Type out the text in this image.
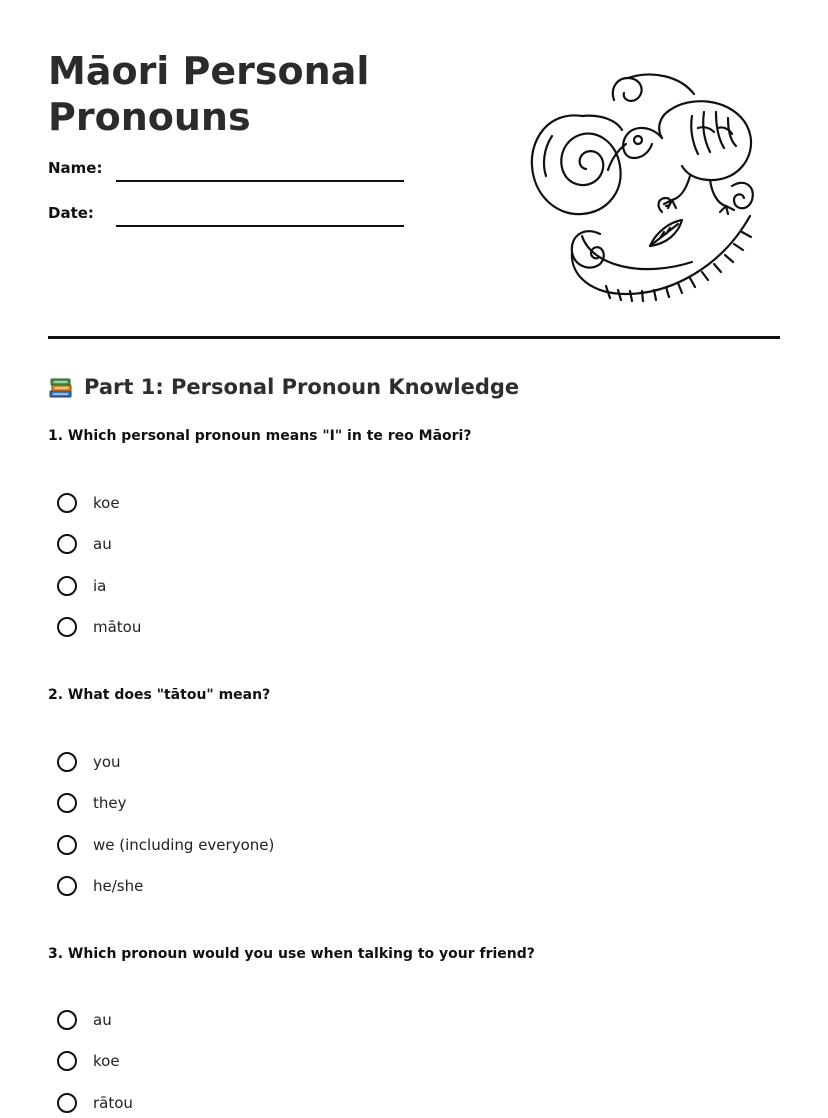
Māori Personal
Pronouns
Name:
Date:
Part 1: Personal Pronoun Knowledge

1. Which personal pronoun means "I" in te reo Māori?

koe
au
ia
mātou

2. What does "tātou" mean?

you
they
we (including everyone)
he/she

3. Which pronoun would you use when talking to your friend?

au
koe
rātou
